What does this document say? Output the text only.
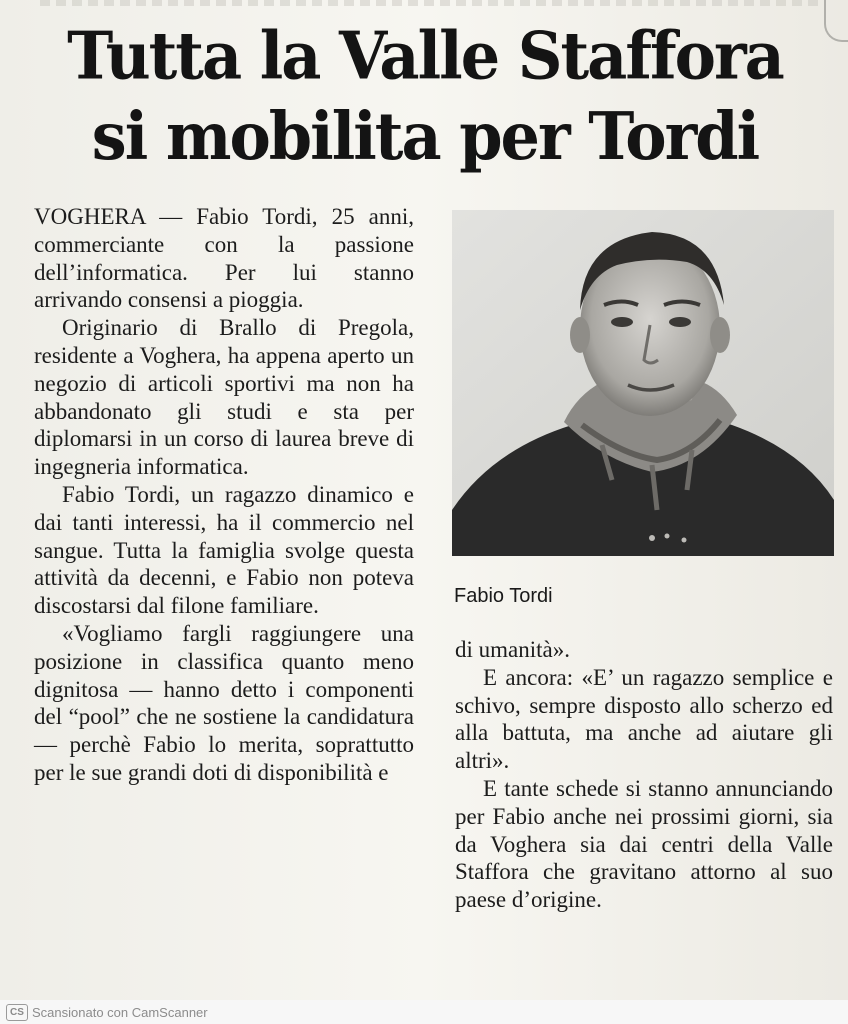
Tutta la Valle Staffora
si mobilita per Tordi

VOGHERA — Fabio Tordi, 25 anni, commerciante con la passione dell’informatica. Per lui stanno arrivando consensi a pioggia.

Originario di Brallo di Pregola, residente a Voghera, ha appena aperto un negozio di articoli sportivi ma non ha abbandonato gli studi e sta per diplomarsi in un corso di laurea breve di ingegneria informatica.

Fabio Tordi, un ragazzo dinamico e dai tanti interessi, ha il commercio nel sangue. Tutta la famiglia svolge questa attività da decenni, e Fabio non poteva discostarsi dal filone familiare.

«Vogliamo fargli raggiungere una posizione in classifica quanto meno dignitosa — hanno detto i componenti del “pool” che ne sostiene la candidatura — perchè Fabio lo merita, soprattutto per le sue grandi doti di disponibilità e

Fabio Tordi

di umanità».

E ancora: «E’ un ragazzo semplice e schivo, sempre disposto allo scherzo ed alla battuta, ma anche ad aiutare gli altri».

E tante schede si stanno annunciando per Fabio anche nei prossimi giorni, sia da Voghera sia dai centri della Valle Staffora che gravitano attorno al suo paese d’origine.

CS Scansionato con CamScanner
